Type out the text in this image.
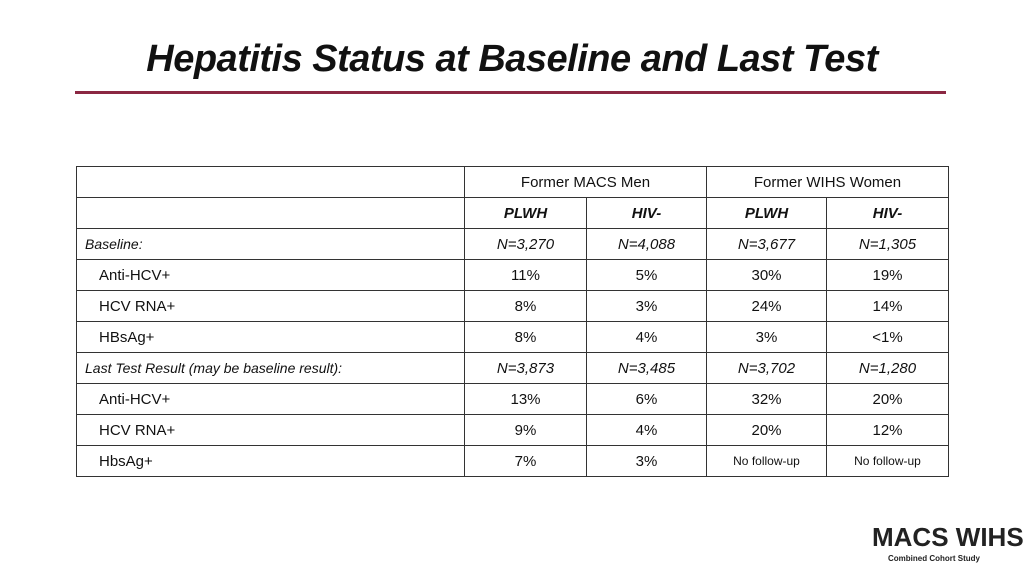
Hepatitis Status at Baseline and Last Test
	Former MACS Men		Former WIHS Women	
	PLWH	HIV-	PLWH	HIV-
Baseline:	N=3,270	N=4,088	N=3,677	N=1,305
Anti-HCV+	11%	5%	30%	19%
HCV RNA+	8%	3%	24%	14%
HBsAg+	8%	4%	3%	<1%
Last Test Result (may be baseline result):	N=3,873	N=3,485	N=3,702	N=1,280
Anti-HCV+	13%	6%	32%	20%
HCV RNA+	9%	4%	20%	12%
HbsAg+	7%	3%	No follow-up	No follow-up
MACS WIHS
Combined Cohort Study
